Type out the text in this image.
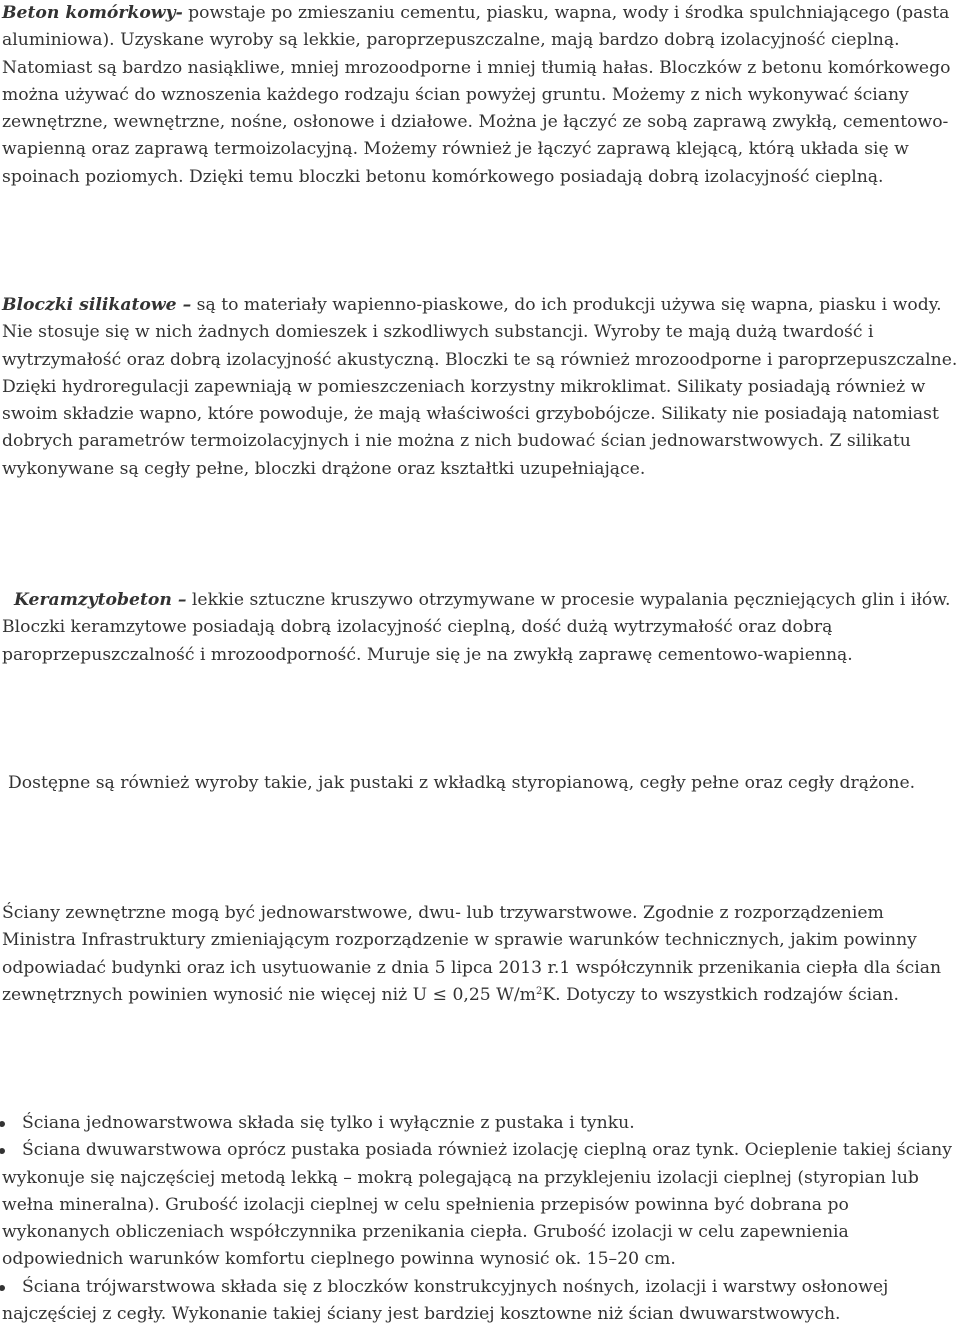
Beton komórkowy- powstaje po zmieszaniu cementu, piasku, wapna, wody i środka spulchniającego (pasta aluminiowa). Uzyskane wyroby są lekkie, paroprzepuszczalne, mają bardzo dobrą izolacyjność cieplną. Natomiast są bardzo nasiąkliwe, mniej mrozoodporne i mniej tłumią hałas. Bloczków z betonu komórkowego można używać do wznoszenia każdego rodzaju ścian powyżej gruntu. Możemy z nich wykonywać ściany zewnętrzne, wewnętrzne, nośne, osłonowe i działowe. Można je łączyć ze sobą zaprawą zwykłą, cementowo-wapienną oraz zaprawą termoizolacyjną. Możemy również je łączyć zaprawą klejącą, którą układa się w spoinach poziomych. Dzięki temu bloczki betonu komórkowego posiadają dobrą izolacyjność cieplną.

Bloczki silikatowe – są to materiały wapienno-piaskowe, do ich produkcji używa się wapna, piasku i wody. Nie stosuje się w nich żadnych domieszek i szkodliwych substancji. Wyroby te mają dużą twardość i wytrzymałość oraz dobrą izolacyjność akustyczną. Bloczki te są również mrozoodporne i paroprzepuszczalne. Dzięki hydroregulacji zapewniają w pomieszczeniach korzystny mikroklimat. Silikaty posiadają również w swoim składzie wapno, które powoduje, że mają właściwości grzybobójcze. Silikaty nie posiadają natomiast dobrych parametrów termoizolacyjnych i nie można z nich budować ścian jednowarstwowych. Z silikatu wykonywane są cegły pełne, bloczki drążone oraz kształtki uzupełniające.

Keramzytobeton – lekkie sztuczne kruszywo otrzymywane w procesie wypalania pęczniejących glin i iłów. Bloczki keramzytowe posiadają dobrą izolacyjność cieplną, dość dużą wytrzymałość oraz dobrą paroprzepuszczalność i mrozoodporność. Muruje się je na zwykłą zaprawę cementowo-wapienną.

Dostępne są również wyroby takie, jak pustaki z wkładką styropianową, cegły pełne oraz cegły drążone.

Ściany zewnętrzne mogą być jednowarstwowe, dwu- lub trzywarstwowe. Zgodnie z rozporządzeniem Ministra Infrastruktury zmieniającym rozporządzenie w sprawie warunków technicznych, jakim powinny odpowiadać budynki oraz ich usytuowanie z dnia 5 lipca 2013 r.1 współczynnik przenikania ciepła dla ścian zewnętrznych powinien wynosić nie więcej niż U ≤ 0,25 $W/m^2K$. Dotyczy to wszystkich rodzajów ścian.

Ściana jednowarstwowa składa się tylko i wyłącznie z pustaka i tynku.
Ściana dwuwarstwowa oprócz pustaka posiada również izolację cieplną oraz tynk. Ocieplenie takiej ściany wykonuje się najczęściej metodą lekką – mokrą polegającą na przyklejeniu izolacji cieplnej (styropian lub wełna mineralna). Grubość izolacji cieplnej w celu spełnienia przepisów powinna być dobrana po wykonanych obliczeniach współczynnika przenikania ciepła. Grubość izolacji w celu zapewnienia odpowiednich warunków komfortu cieplnego powinna wynosić ok. 15–20 cm.
Ściana trójwarstwowa składa się z bloczków konstrukcyjnych nośnych, izolacji i warstwy osłonowej najczęściej z cegły. Wykonanie takiej ściany jest bardziej kosztowne niż ścian dwuwarstwowych.
